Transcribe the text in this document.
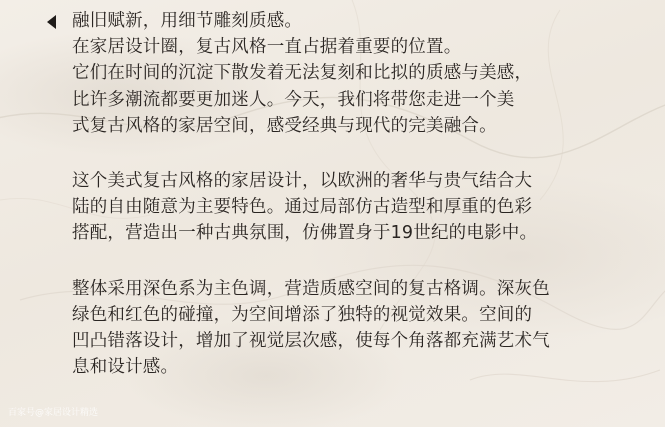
融旧赋新，用细节雕刻质感。
在家居设计圈，复古风格一直占据着重要的位置。
它们在时间的沉淀下散发着无法复刻和比拟的质感与美感，
比许多潮流都要更加迷人。今天，我们将带您走进一个美
式复古风格的家居空间，感受经典与现代的完美融合。

这个美式复古风格的家居设计，以欧洲的奢华与贵气结合大
陆的自由随意为主要特色。通过局部仿古造型和厚重的色彩
搭配，营造出一种古典氛围，仿佛置身于19世纪的电影中。

整体采用深色系为主色调，营造质感空间的复古格调。深灰色
绿色和红色的碰撞，为空间增添了独特的视觉效果。空间的
凹凸错落设计，增加了视觉层次感，使每个角落都充满艺术气
息和设计感。

百家号@家居设计精选
